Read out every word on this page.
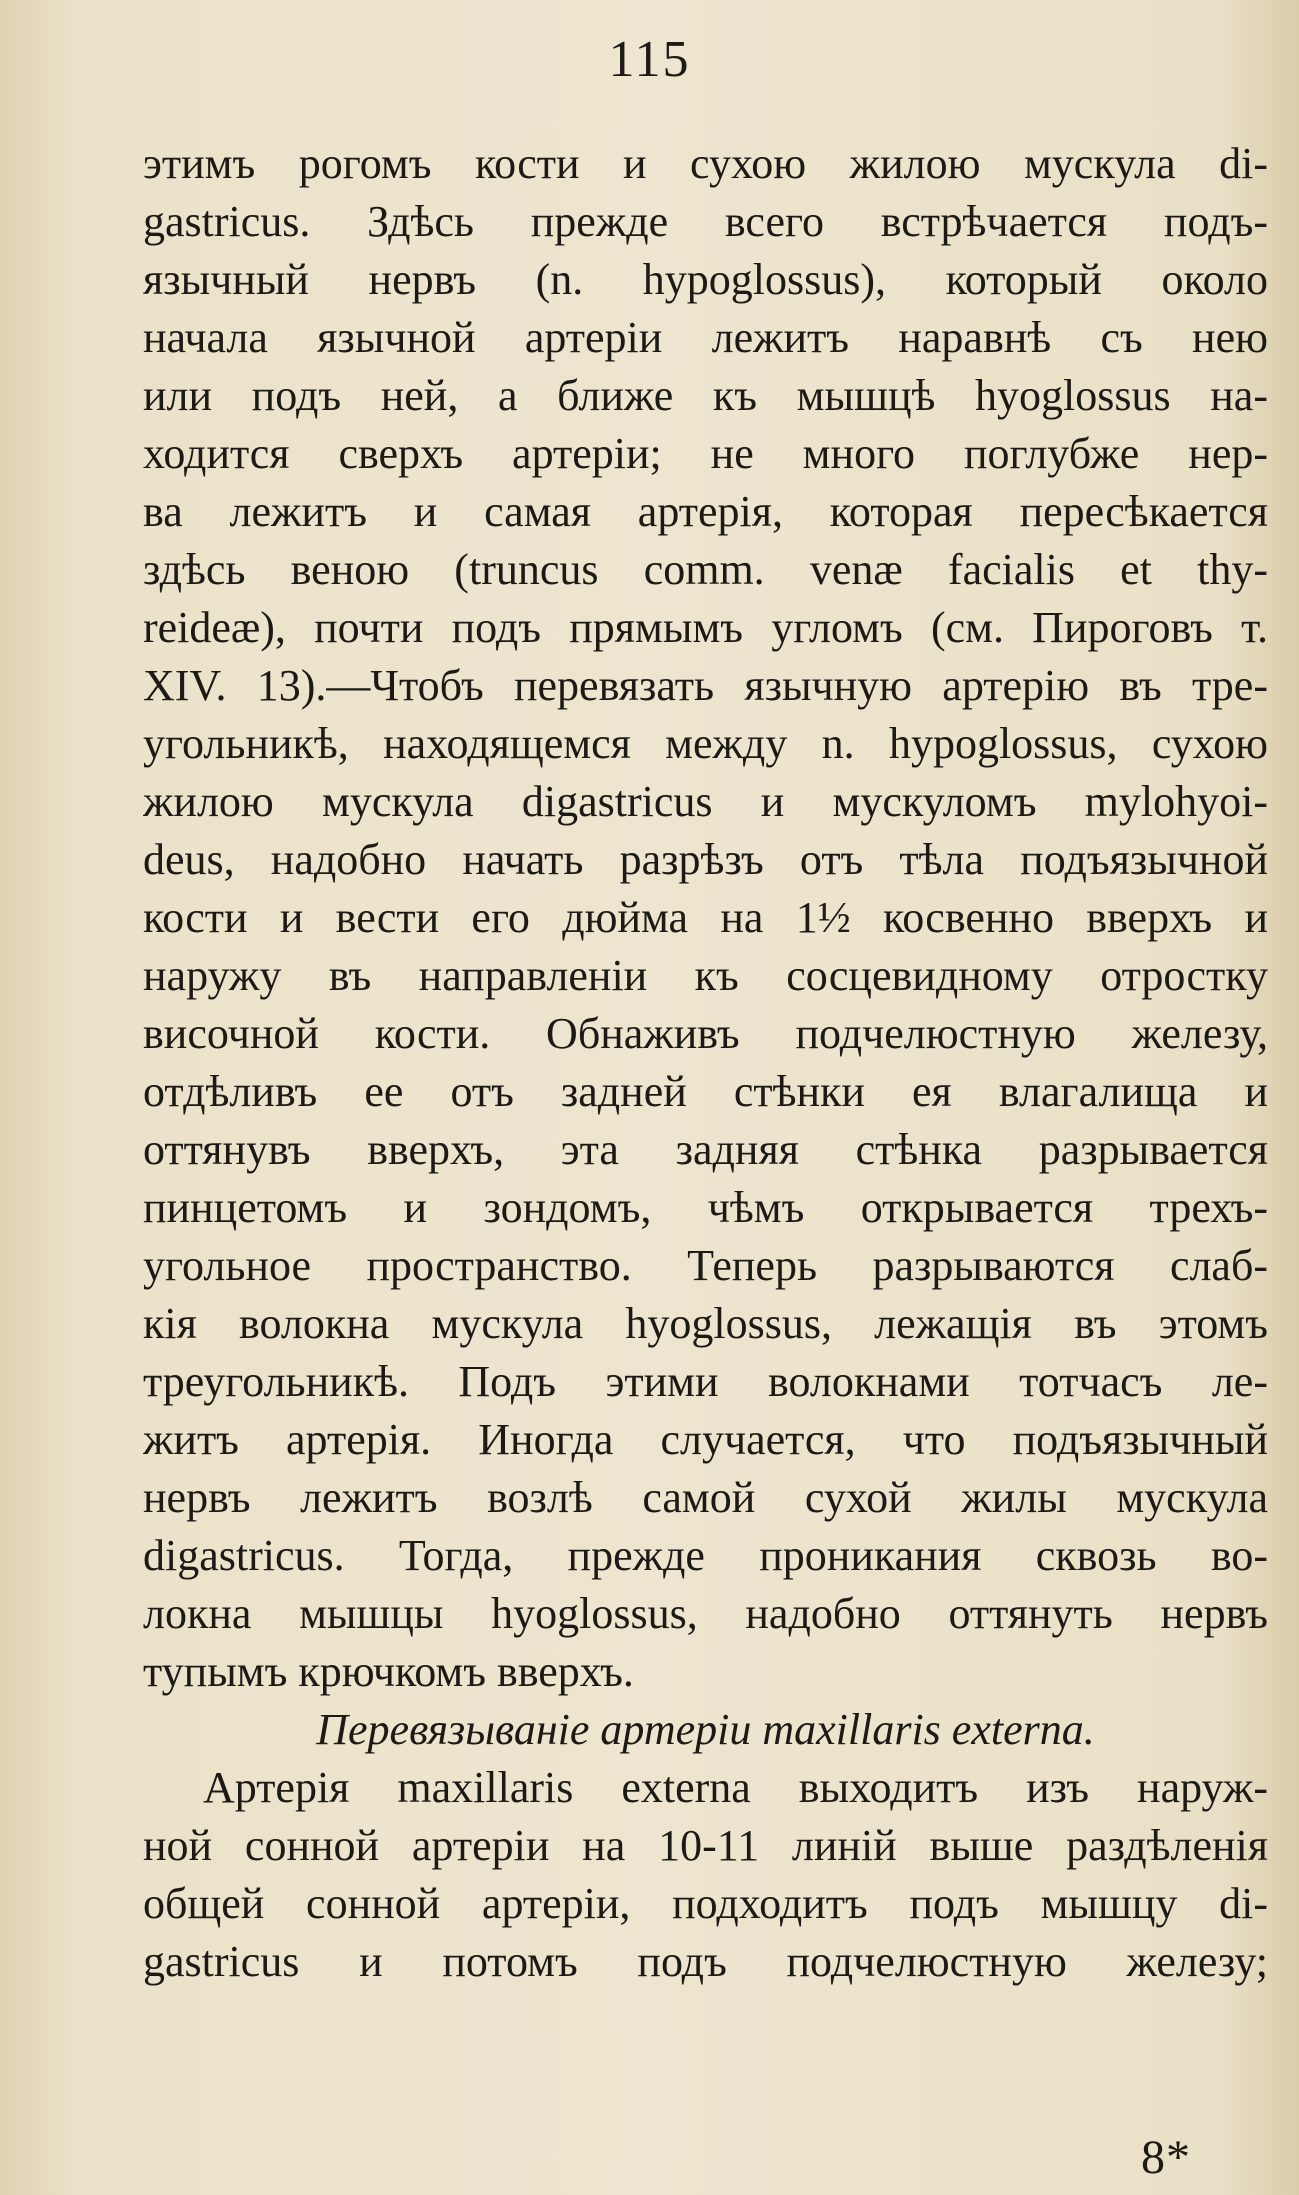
115
этимъ рогомъ кости и сухою жилою мускула di-
gastricus. Здѣсь прежде всего встрѣчается подъ-
язычный нервъ (n. hypoglossus), который около
начала язычной артеріи лежитъ наравнѣ съ нею
или подъ ней, а ближе къ мышцѣ hyoglossus на-
ходится сверхъ артеріи; не много поглубже нер-
ва лежитъ и самая артерія, которая пересѣкается
здѣсь веною (truncus comm. venæ facialis et thy-
reideæ), почти подъ прямымъ угломъ (см. Пироговъ т.
XIV. 13).—Чтобъ перевязать язычную артерію въ тре-
угольникѣ, находящемся между n. hypoglossus, сухою
жилою мускула digastricus и мускуломъ mylohyoi-
deus, надобно начать разрѣзъ отъ тѣла подъязычной
кости и вести его дюйма на 1½ косвенно вверхъ и
наружу въ направленіи къ сосцевидному отростку
височной кости. Обнаживъ подчелюстную железу,
отдѣливъ ее отъ задней стѣнки ея влагалища и
оттянувъ вверхъ, эта задняя стѣнка разрывается
пинцетомъ и зондомъ, чѣмъ открывается трехъ-
угольное пространство. Теперь разрываются слаб-
кія волокна мускула hyoglossus, лежащія въ этомъ
треугольникѣ. Подъ этими волокнами тотчасъ ле-
житъ артерія. Иногда случается, что подъязычный
нервъ лежитъ возлѣ самой сухой жилы мускула
digastricus. Тогда, прежде проникания сквозь во-
локна мышцы hyoglossus, надобно оттянуть нервъ
тупымъ крючкомъ вверхъ.
Перевязываніе артеріи maxillaris externa.
Артерія maxillaris externa выходитъ изъ наруж-
ной сонной артеріи на 10-11 линій выше раздѣленія
общей сонной артеріи, подходитъ подъ мышцу di-
gastricus и потомъ подъ подчелюстную железу;
8*
